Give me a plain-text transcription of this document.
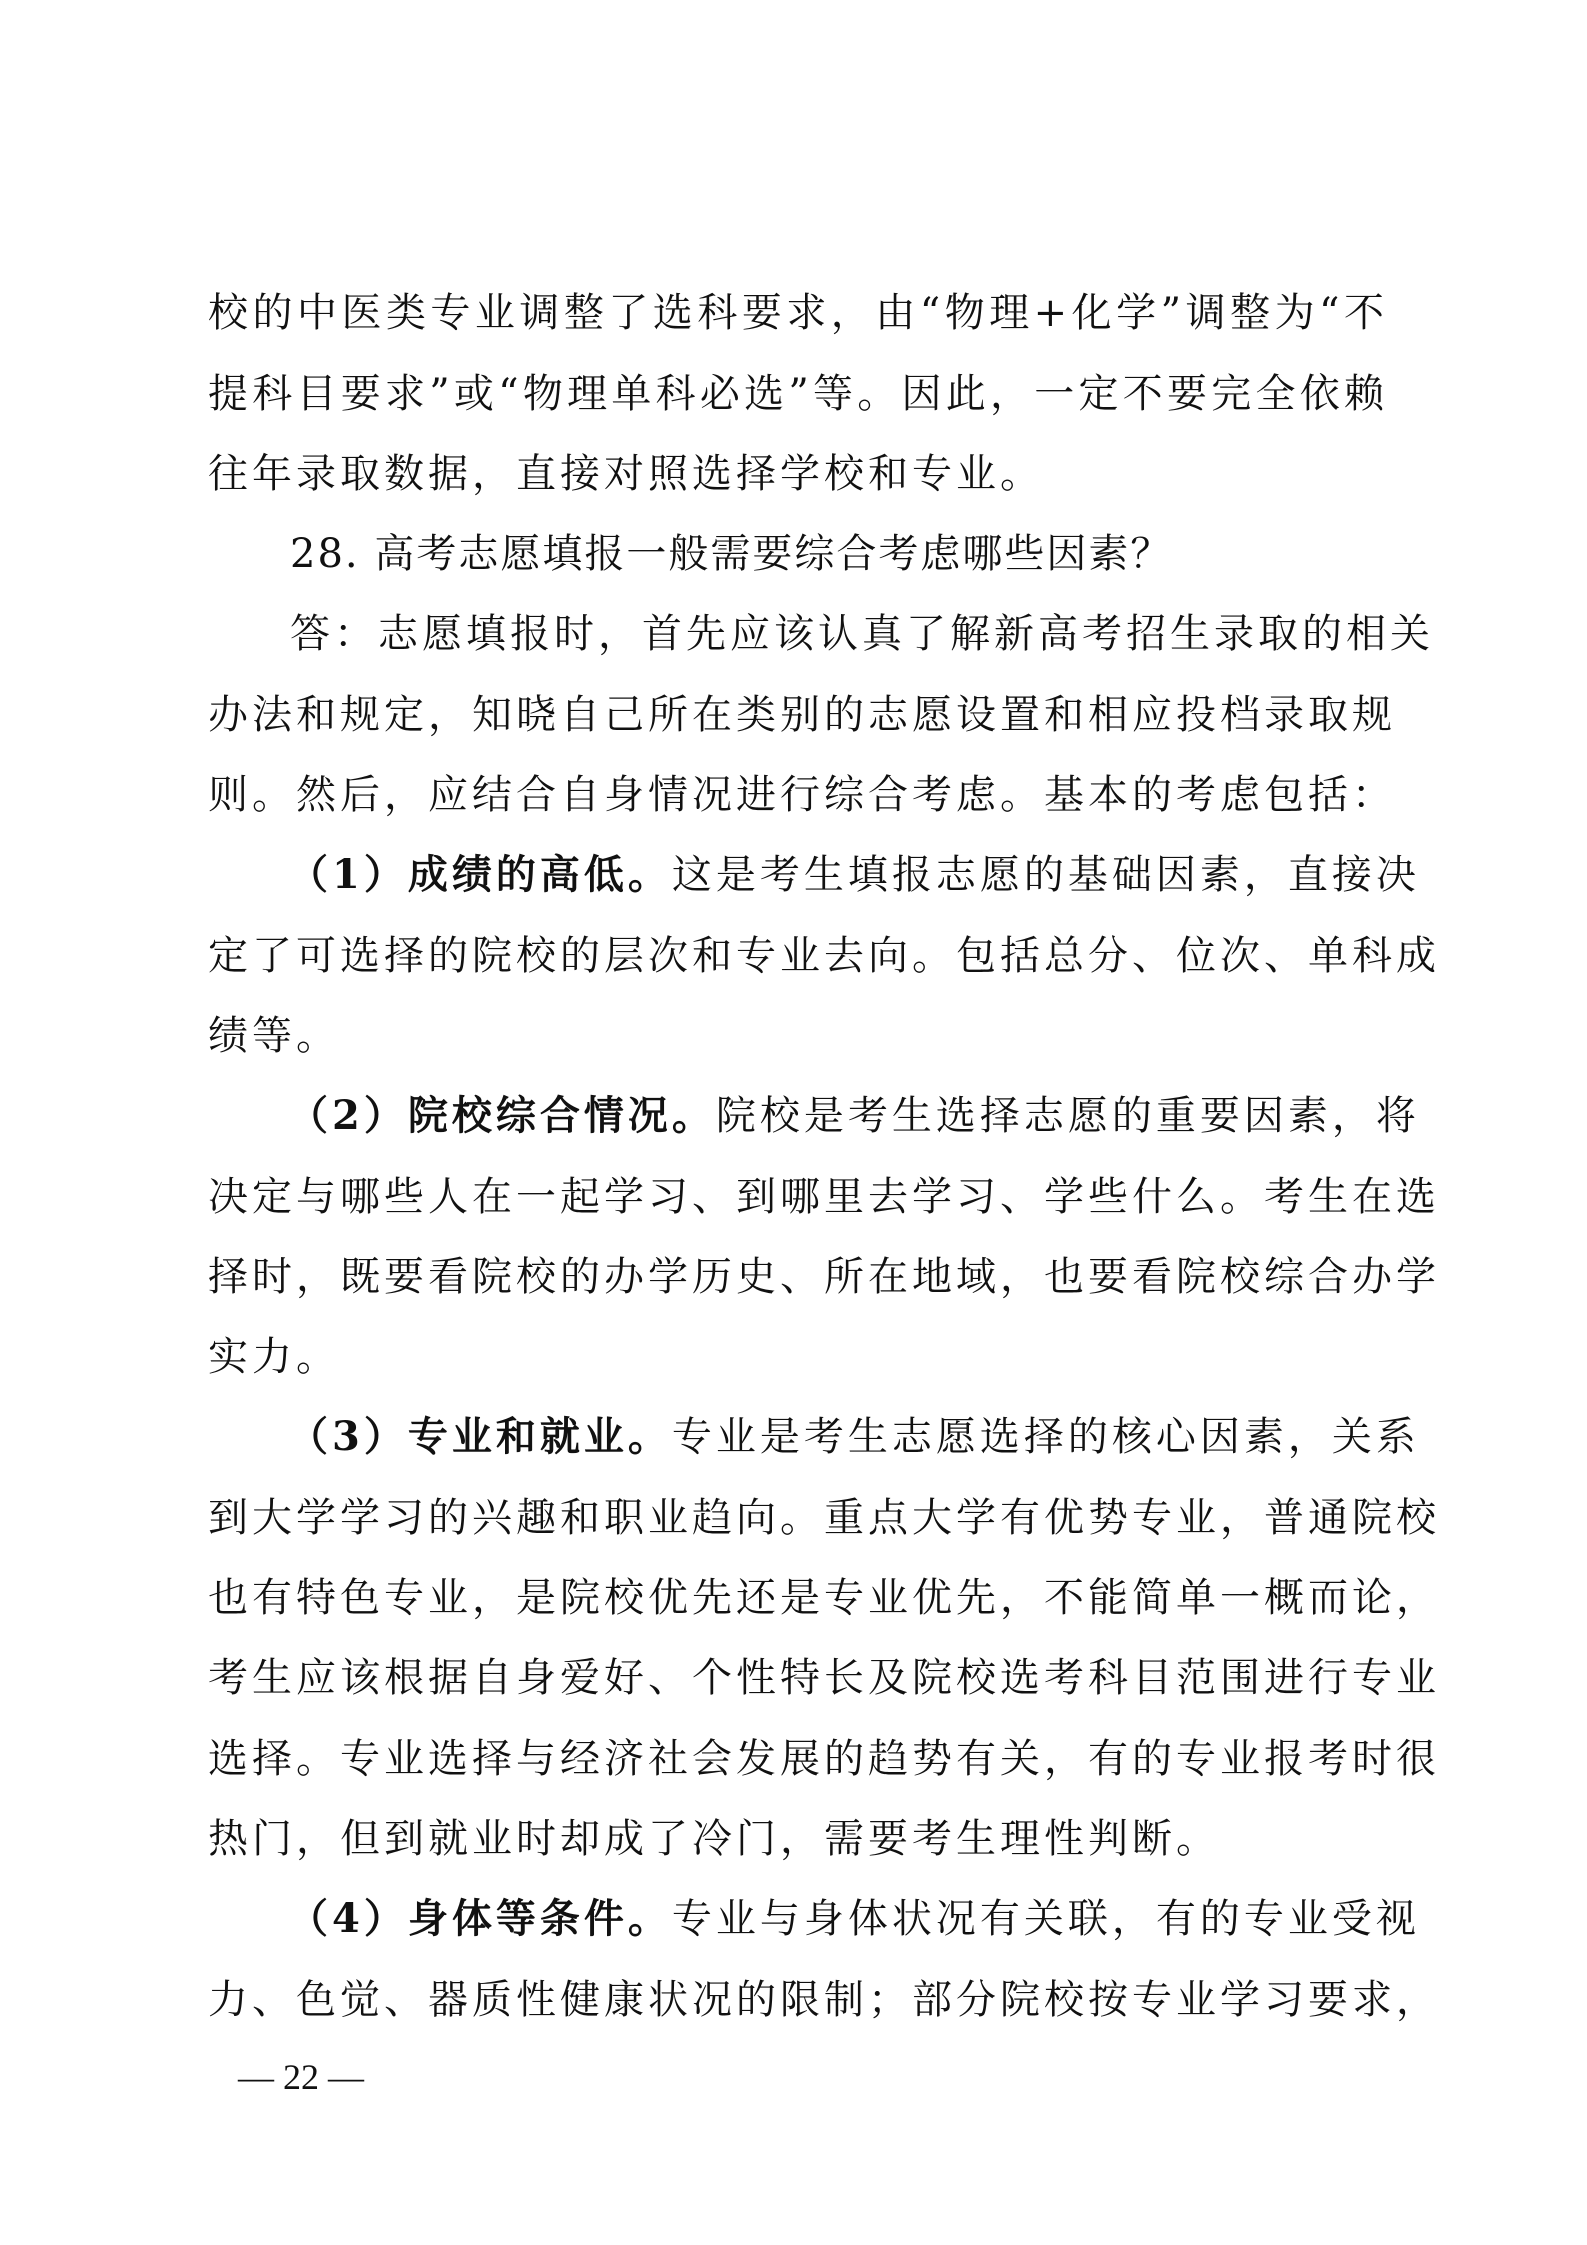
校的中医类专业调整了选科要求，由“物理+化学”调整为“不
提科目要求”或“物理单科必选”等。因此，一定不要完全依赖
往年录取数据，直接对照选择学校和专业。
28. 高考志愿填报一般需要综合考虑哪些因素？
答：志愿填报时，首先应该认真了解新高考招生录取的相关
办法和规定，知晓自己所在类别的志愿设置和相应投档录取规
则。然后，应结合自身情况进行综合考虑。基本的考虑包括：
（1）成绩的高低。这是考生填报志愿的基础因素，直接决
定了可选择的院校的层次和专业去向。包括总分、位次、单科成
绩等。
（2）院校综合情况。院校是考生选择志愿的重要因素，将
决定与哪些人在一起学习、到哪里去学习、学些什么。考生在选
择时，既要看院校的办学历史、所在地域，也要看院校综合办学
实力。
（3）专业和就业。专业是考生志愿选择的核心因素，关系
到大学学习的兴趣和职业趋向。重点大学有优势专业，普通院校
也有特色专业，是院校优先还是专业优先，不能简单一概而论，
考生应该根据自身爱好、个性特长及院校选考科目范围进行专业
选择。专业选择与经济社会发展的趋势有关，有的专业报考时很
热门，但到就业时却成了冷门，需要考生理性判断。
（4）身体等条件。专业与身体状况有关联，有的专业受视
力、色觉、器质性健康状况的限制；部分院校按专业学习要求，
— 22 —
